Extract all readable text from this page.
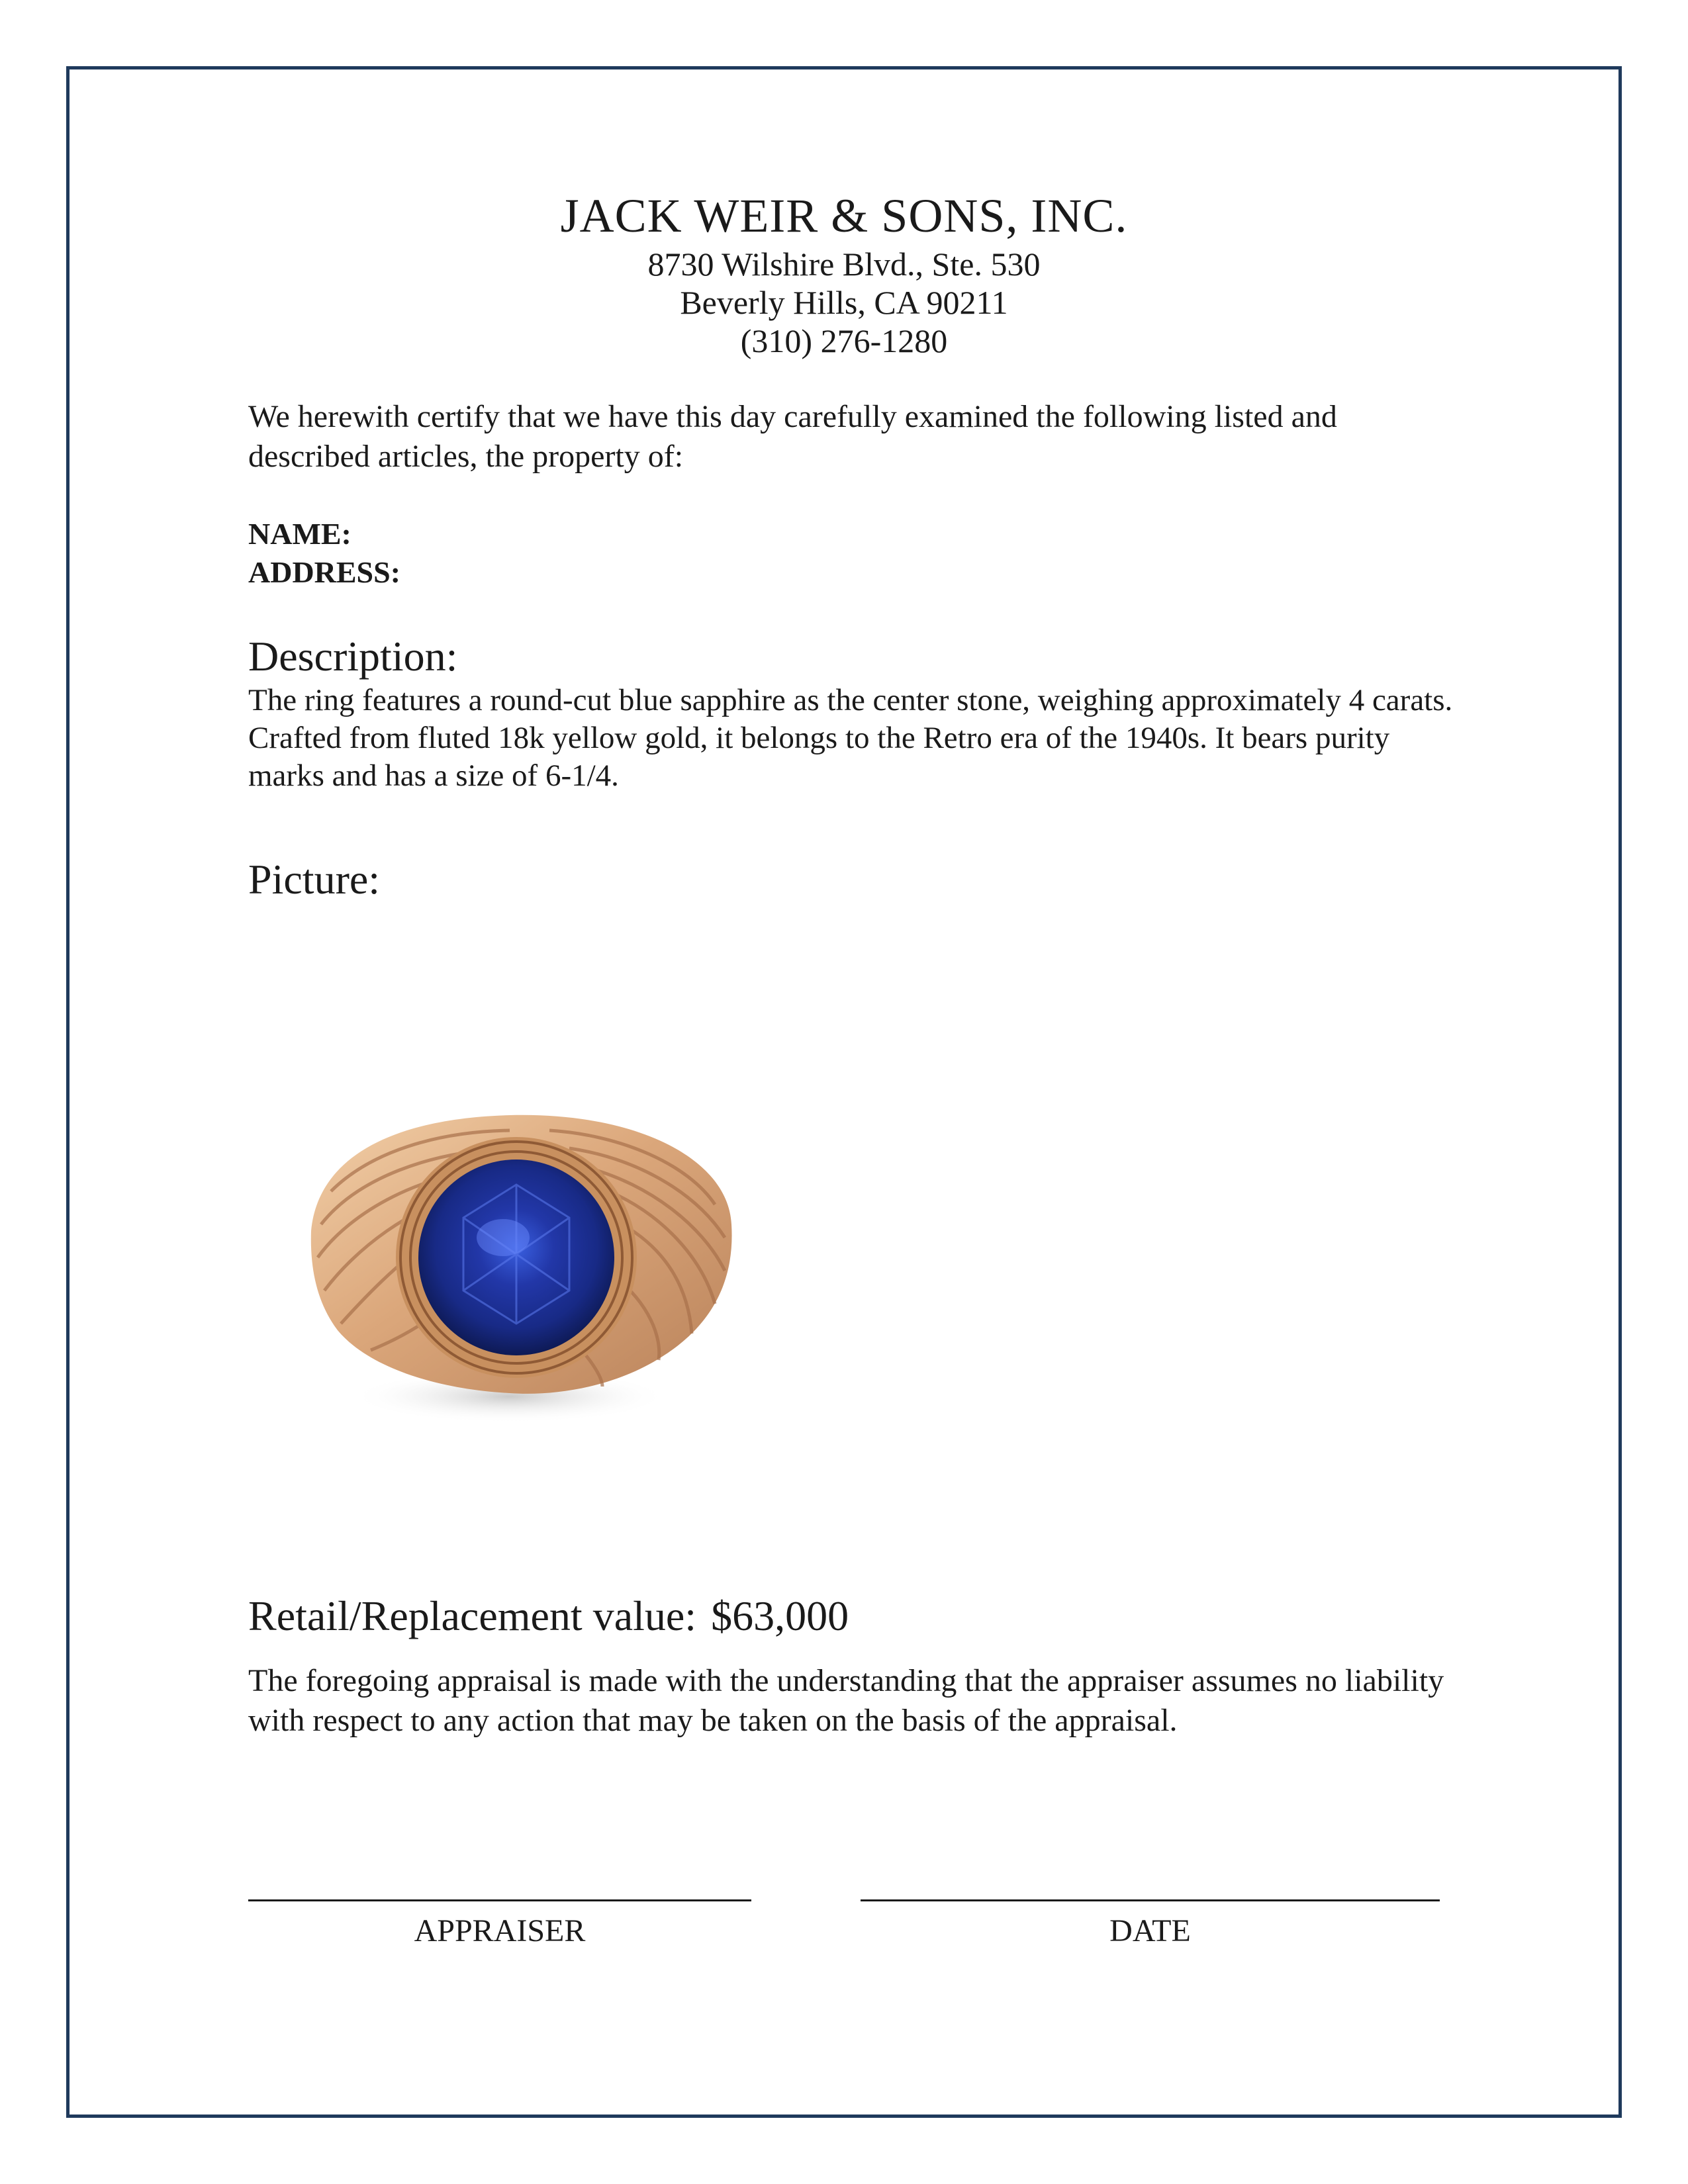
JACK WEIR & SONS, INC.
8730 Wilshire Blvd., Ste. 530
Beverly Hills, CA 90211
(310) 276-1280
We herewith certify that we have this day carefully examined the following listed and described articles, the property of:
NAME:
ADDRESS:
Description:
The ring features a round-cut blue sapphire as the center stone, weighing approximately 4 carats. Crafted from fluted 18k yellow gold, it belongs to the Retro era of the 1940s. It bears purity marks and has a size of 6-1/4.
Picture:
Retail/Replacement value: $63,000
The foregoing appraisal is made with the understanding that the appraiser assumes no liability with respect to any action that may be taken on the basis of the appraisal.
APPRAISER	DATE
